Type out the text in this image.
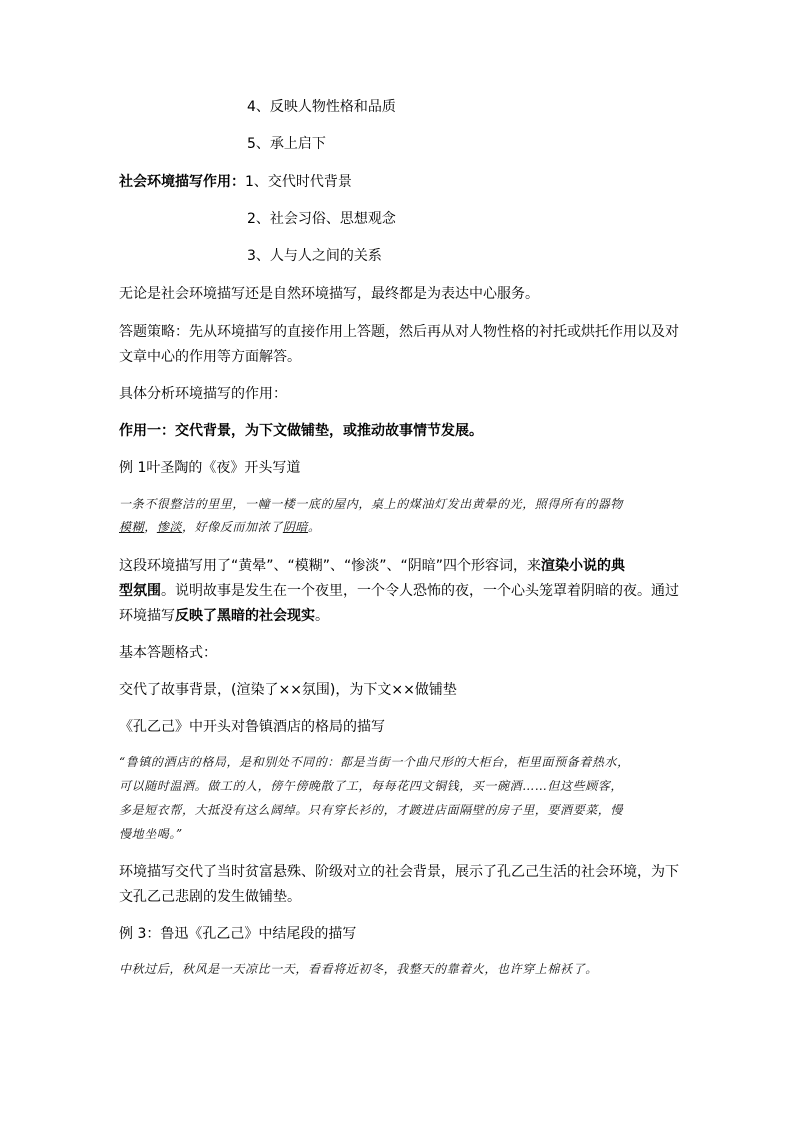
4、反映人物性格和品质
5、承上启下
社会环境描写作用：1、交代时代背景
2、社会习俗、思想观念
3、人与人之间的关系
无论是社会环境描写还是自然环境描写，最终都是为表达中心服务。
答题策略：先从环境描写的直接作用上答题，然后再从对人物性格的衬托或烘托作用以及对
文章中心的作用等方面解答。
具体分析环境描写的作用：
作用一：交代背景，为下文做铺垫，或推动故事情节发展。
例 1叶圣陶的《夜》开头写道
一条不很整洁的里里，一幢一楼一底的屋内，桌上的煤油灯发出黄晕的光，照得所有的器物
模糊，惨淡，好像反而加浓了阴暗。
这段环境描写用了“黄晕”、“模糊”、“惨淡”、“阴暗”四个形容词，来渲染小说的典
型氛围。说明故事是发生在一个夜里，一个令人恐怖的夜，一个心头笼罩着阴暗的夜。通过
环境描写反映了黑暗的社会现实。
基本答题格式：
交代了故事背景，(渲染了××氛围)，为下文××做铺垫
《孔乙己》中开头对鲁镇酒店的格局的描写
“鲁镇的酒店的格局，是和别处不同的：都是当街一个曲尺形的大柜台，柜里面预备着热水，
可以随时温酒。做工的人，傍午傍晚散了工，每每花四文铜钱，买一碗酒……但这些顾客，
多是短衣帮，大抵没有这么阔绰。只有穿长衫的，才踱进店面隔壁的房子里，要酒要菜，慢
慢地坐喝。”
环境描写交代了当时贫富悬殊、阶级对立的社会背景，展示了孔乙己生活的社会环境，为下
文孔乙己悲剧的发生做铺垫。
例 3：鲁迅《孔乙己》中结尾段的描写
中秋过后，秋风是一天凉比一天，看看将近初冬，我整天的靠着火，也许穿上棉袄了。
